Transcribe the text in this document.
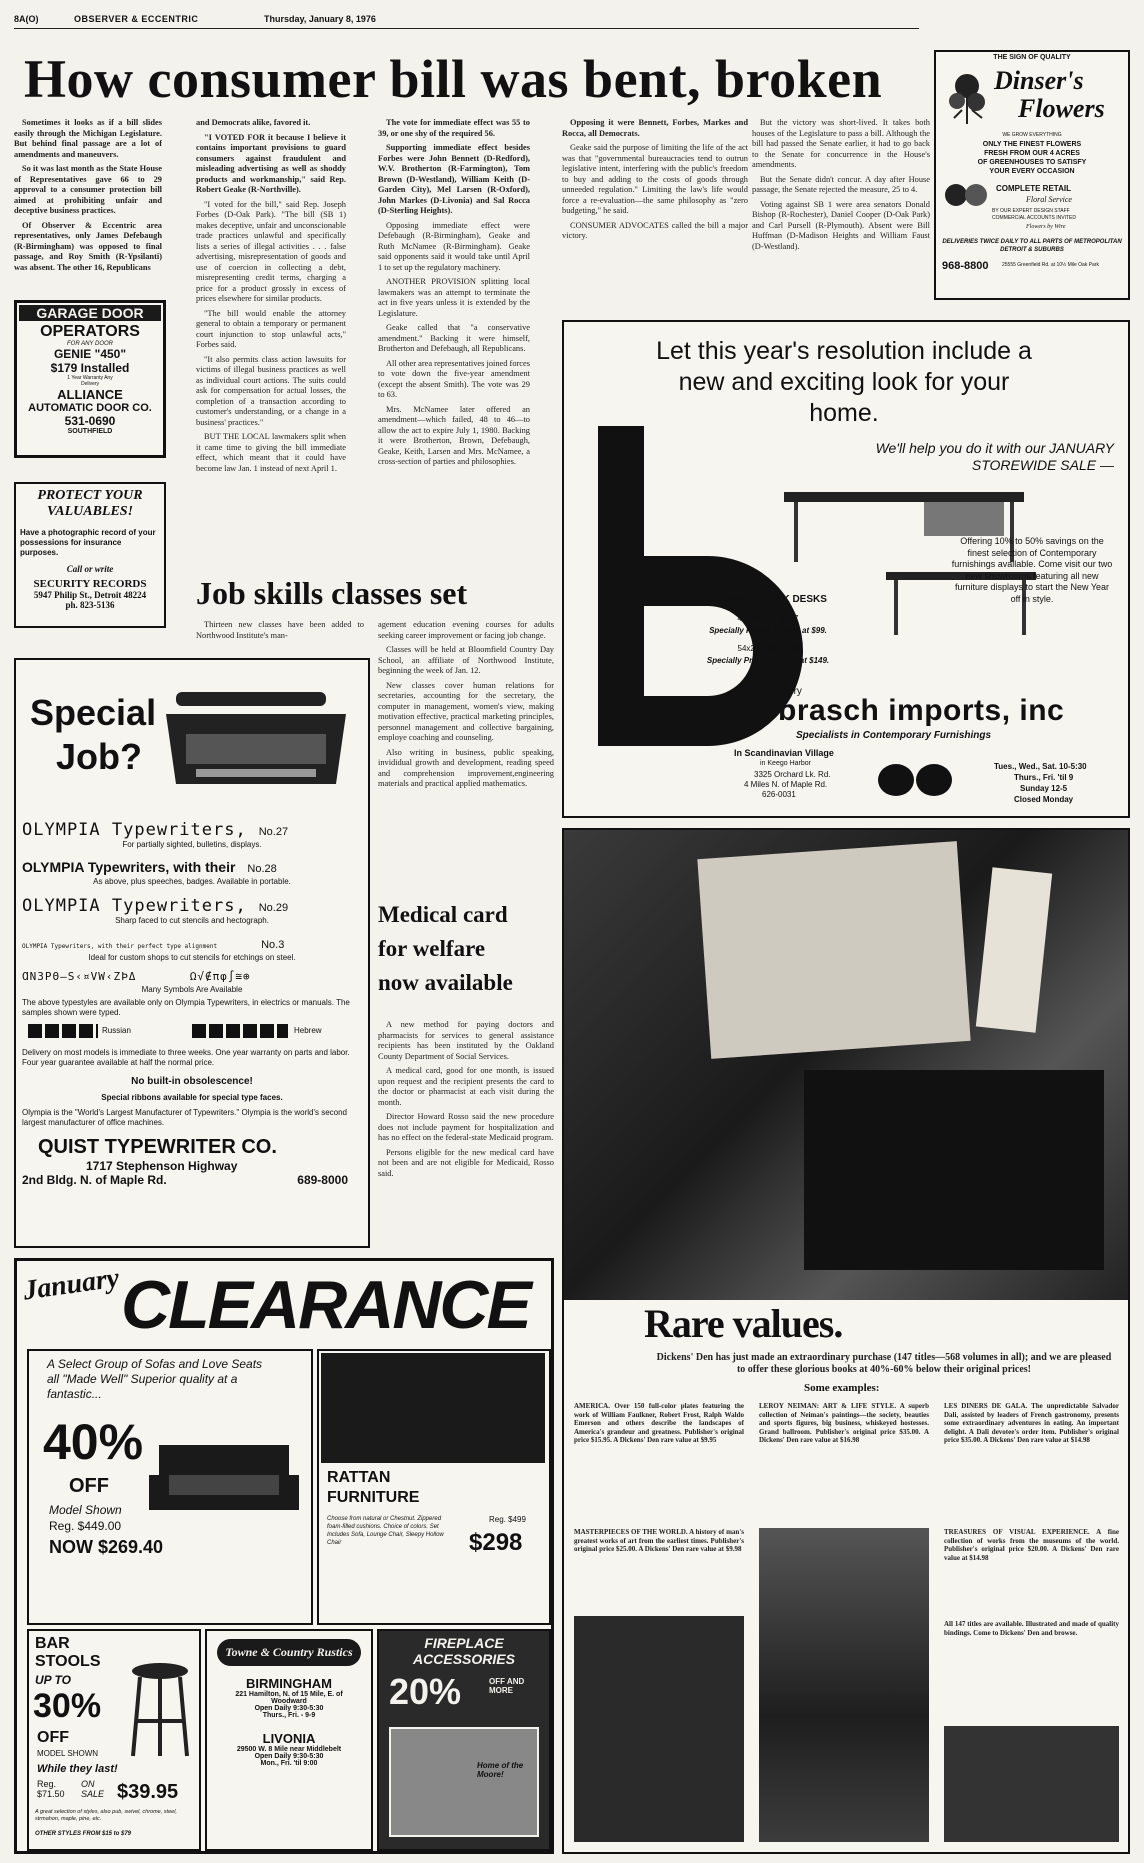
8A(O)	OBSERVER & ECCENTRIC	Thursday, January 8, 1976
How consumer bill was bent, broken

Sometimes it looks as if a bill slides easily through the Michigan Legislature. But behind final passage are a lot of amendments and maneuvers.

So it was last month as the State House of Representatives gave 66 to 29 approval to a consumer protection bill aimed at prohibiting unfair and deceptive business practices.

Of Observer & Eccentric area representatives, only James Defebaugh (R-Birmingham) was opposed to final passage, and Roy Smith (R-Ypsilanti) was absent. The other 16, Republicans

and Democrats alike, favored it.

"I VOTED FOR it because I believe it contains important provisions to guard consumers against fraudulent and misleading advertising as well as shoddy products and workmanship," said Rep. Robert Geake (R-Northville).

"I voted for the bill," said Rep. Joseph Forbes (D-Oak Park). "The bill (SB 1) makes deceptive, unfair and unconscionable trade practices unlawful and specifically lists a series of illegal activities . . . false advertising, misrepresentation of goods and use of coercion in collecting a debt, misrepresenting credit terms, charging a price for a product grossly in excess of prices elsewhere for similar products.

"The bill would enable the attorney general to obtain a temporary or permanent court injunction to stop unlawful acts," Forbes said.

"It also permits class action lawsuits for victims of illegal business practices as well as individual court actions. The suits could ask for compensation for actual losses, the completion of a transaction according to customer's understanding, or a change in a business' practices."

BUT THE LOCAL lawmakers split when it came time to giving the bill immediate effect, which meant that it could have become law Jan. 1 instead of next April 1.

The vote for immediate effect was 55 to 39, or one shy of the required 56.

Supporting immediate effect besides Forbes were John Bennett (D-Redford), W.V. Brotherton (R-Farmington), Tom Brown (D-Westland), William Keith (D-Garden City), Mel Larsen (R-Oxford), John Markes (D-Livonia) and Sal Rocca (D-Sterling Heights).

Opposing immediate effect were Defebaugh (R-Birmingham), Geake and Ruth McNamee (R-Birmingham). Geake said opponents said it would take until April 1 to set up the regulatory machinery.

ANOTHER PROVISION splitting local lawmakers was an attempt to terminate the act in five years unless it is extended by the Legislature.

Geake called that "a conservative amendment." Backing it were himself, Brotherton and Defebaugh, all Republicans.

All other area representatives joined forces to vote down the five-year amendment (except the absent Smith). The vote was 29 to 63.

Mrs. McNamee later offered an amendment—which failed, 48 to 46—to allow the act to expire July 1, 1980. Backing it were Brotherton, Brown, Defebaugh, Geake, Keith, Larsen and Mrs. McNamee, a cross-section of parties and philosophies.

Opposing it were Bennett, Forbes, Markes and Rocca, all Democrats.

Geake said the purpose of limiting the life of the act was that "governmental bureaucracies tend to outrun legislative intent, interfering with the public's freedom to buy and adding to the costs of goods through unneeded regulation." Limiting the law's life would force a re-evaluation—the same philosophy as "zero budgeting," he said.

CONSUMER ADVOCATES called the bill a major victory.

But the victory was short-lived. It takes both houses of the Legislature to pass a bill. Although the bill had passed the Senate earlier, it had to go back to the Senate for concurrence in the House's amendments.

But the Senate didn't concur. A day after House passage, the Senate rejected the measure, 25 to 4.

Voting against SB 1 were area senators Donald Bishop (R-Rochester), Daniel Cooper (D-Oak Park) and Carl Pursell (R-Plymouth). Absent were Bill Huffman (D-Madison Heights and William Faust (D-Westland).

THE SIGN OF QUALITY
Dinser's
Flowers
WE GROW EVERYTHING
ONLY THE FINEST FLOWERS
FRESH FROM OUR 4 ACRES
OF GREENHOUSES TO SATISFY
YOUR EVERY OCCASION
COMPLETE RETAIL
Floral Service
BY OUR EXPERT DESIGN STAFF
COMMERCIAL ACCOUNTS INVITED
Flowers by Wire
DELIVERIES TWICE DAILY TO ALL PARTS OF METROPOLITAN DETROIT & SUBURBS
968-8800	25555 Greenfield Rd. at 10½ Mile Oak Park
GARAGE DOOR
OPERATORS
FOR ANY DOOR
GENIE "450"
$179 Installed
1 Year Warranty Any Delivery
ALLIANCE
AUTOMATIC DOOR CO.
531-0690
SOUTHFIELD
PROTECT YOUR VALUABLES!
Have a photographic record of your possessions for insurance purposes.
Call or write
SECURITY RECORDS
5947 Philip St., Detroit 48224
ph. 823-5136
Let this year's resolution include a new and exciting look for your home.
We'll help you do it with our JANUARY STOREWIDE SALE —
"DOMINO" TEAK DESKS
41x24 Reg. $127
Specially Priced for you at $99.
54x24 Reg. $189
Specially Priced for you at $149.
Cash and carry
Offering 10% to 50% savings on the finest selection of Contemporary furnishings available. Come visit our two new showrooms featuring all new furniture displays to start the New Year off in style.
brasch imports, inc
Specialists in Contemporary Furnishings
In Scandinavian Village
in Keego Harbor
3325 Orchard Lk. Rd.
4 Miles N. of Maple Rd.
626-0031
Tues., Wed., Sat. 10-5:30
Thurs., Fri. 'til 9
Sunday 12-5
Closed Monday
Job skills classes set

Thirteen new classes have been added to Northwood Institute's man-

agement education evening courses for adults seeking career improvement or facing job change.

Classes will be held at Bloomfield Country Day School, an affiliate of Northwood Institute, beginning the week of Jan. 12.

New classes cover human relations for secretaries, accounting for the secretary, the computer in management, women's view, making motivation effective, practical marketing principles, personnel management and collective bargaining, employe coaching and counseling.

Also writing in business, public speaking, invididual growth and development, reading speed and comprehension improvement,engineering materials and practical applied mathematics.

Medical card
for welfare
now available

A new method for paying doctors and pharmacists for services to general assistance recipients has been instituted by the Oakland County Department of Social Services.

A medical card, good for one month, is issued upon request and the recipient presents the card to the doctor or pharmacist at each visit during the month.

Director Howard Rosso said the new procedure does not include payment for hospitalization and has no effect on the federal-state Medicaid program.

Persons eligible for the new medical card have not been and are not eligible for Medicaid, Rosso said.

Special
Job?
OLYMPIA Typewriters, No.27
For partially sighted, bulletins, displays.
OLYMPIA Typewriters, with their No.28
As above, plus speeches, badges. Available in portable.
OLYMPIA Typewriters, No.29
Sharp faced to cut stencils and hectograph.
OLYMPIA Typewriters, with their perfect type alignment	No.3
Ideal for custom shops to cut stencils for etchings on steel.
ⱭN3PΘ–S‹¤VW‹ZÞΔ       Ω√∉πφ∫≅⊕
Many Symbols Are Available
The above typestyles are available only on Olympia Typewriters, in electrics or manuals. The samples shown were typed.
Russian	Hebrew
Delivery on most models is immediate to three weeks. One year warranty on parts and labor. Four year guarantee available at half the normal price.
No built-in obsolescence!
Special ribbons available for special type faces.
Olympia is the "World's Largest Manufacturer of Typewriters." Olympia is the world's second largest manufacturer of office machines.
QUIST TYPEWRITER CO.
1717 Stephenson Highway
2nd Bldg. N. of Maple Rd.	689-8000
January CLEARANCE
A Select Group of Sofas and Love Seats all "Made Well" Superior quality at a fantastic...
40%
OFF
Model Shown
Reg. $449.00
NOW $269.40
RATTAN
FURNITURE
Choose from natural or Chestnut. Zippered foam-filled cushions. Choice of colors. Set Includes Sofa, Lounge Chair, Sleepy Hollow Chair
Reg. $499
$298
BAR STOOLS
UP TO
30%
OFF
MODEL SHOWN
While they last!
Reg. $71.50
ON SALE $39.95
A great selection of styles, also pub, swivel, chrome, steel, strmahon, maple, pine, etc.
OTHER STYLES FROM $15 to $79
Towne & Country Rustics
BIRMINGHAM
221 Hamilton, N. of 15 Mile, E. of Woodward
Open Daily 9:30-5:30
Thurs., Fri. - 9-9
LIVONIA
29500 W. 8 Mile near Middlebelt
Open Daily 9:30-5:30
Mon., Fri. 'til 9:00
FIREPLACE ACCESSORIES
20%	OFF AND MORE
Home of the Moore!
Rare values.
Dickens' Den has just made an extraordinary purchase (147 titles—568 volumes in all); and we are pleased to offer these glorious books at 40%-60% below their original prices!
Some examples:
AMERICA. Over 150 full-color plates featuring the work of William Faulkner, Robert Frost, Ralph Waldo Emerson and others describe the landscapes of America's grandeur and greatness. Publisher's original price $15.95. A Dickens' Den rare value at $9.95
LEROY NEIMAN: ART & LIFE STYLE. A superb collection of Neiman's paintings—the society, beauties and sports figures, big business, whiskeyed hostesses. Grand ballroom. Publisher's original price $35.00. A Dickens' Den rare value at $16.98
LES DINERS DE GALA. The unpredictable Salvador Dali, assisted by leaders of French gastronomy, presents some extraordinary adventures in eating. An important delight. A Dali devotee's order item. Publisher's original price $35.00. A Dickens' Den rare value at $14.98
MASTERPIECES OF THE WORLD. A history of man's greatest works of art from the earliest times. Publisher's original price $25.00. A Dickens' Den rare value at $9.98
TREASURES OF VISUAL EXPERIENCE. A fine collection of works from the museums of the world. Publisher's original price $20.00. A Dickens' Den rare value at $14.98
All 147 titles are available. Illustrated and made of quality bindings. Come to Dickens' Den and browse.
